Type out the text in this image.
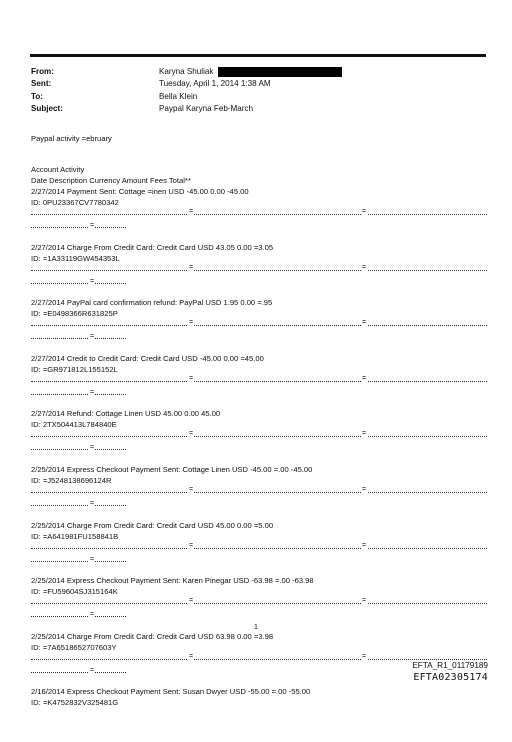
From:	Karyna Shuliak
Sent:	Tuesday, April 1, 2014 1:38 AM
To:	Bella Klein
Subject:	Paypal Karyna Feb-March
Paypal activity =ebruary
Account Activity
Date Description Currency Amount Fees Total**
2/27/2014 Payment Sent: Cottage =inen USD -45.00 0.00 -45.00
ID: 0PU23367CV7780342
=	=
=
2/27/2014 Charge From Credit Card: Credit Card USD 43.05 0.00 =3.05
ID: =1A33119GW454353L
=	=
=
2/27/2014 PayPal card confirmation refund: PayPal USD 1.95 0.00 =.95
ID: =E0498366R631825P
=	=
=
2/27/2014 Credit to Credit Card: Credit Card USD -45.00 0.00 =45.00
ID: =GR971812L155152L
=	=
=
2/27/2014 Refund: Cottage Linen USD 45.00 0.00 45.00
ID: 2TX504413L784840E
=	=
=
2/25/2014 Express Checkout Payment Sent: Cottage Linen USD -45.00 =.00 -45.00
ID: =J5248138696124R
=	=
=
2/25/2014 Charge From Credit Card: Credit Card USD 45.00 0.00 =5.00
ID: =A641981FU158841B
=	=
=
2/25/2014 Express Checkout Payment Sent: Karen Pinegar USD -63.98 =.00 -63.98
ID: =FU59604SJ315164K
=	=
=
2/25/2014 Charge From Credit Card: Credit Card USD 63.98 0.00 =3.98
ID: =7A6518652707603Y
=	=
=
2/16/2014 Express Checkout Payment Sent: Susan Dwyer USD -55.00 =.00 -55.00
ID: =K4752832V325481G
1
EFTA_R1_01179189
EFTA02305174
